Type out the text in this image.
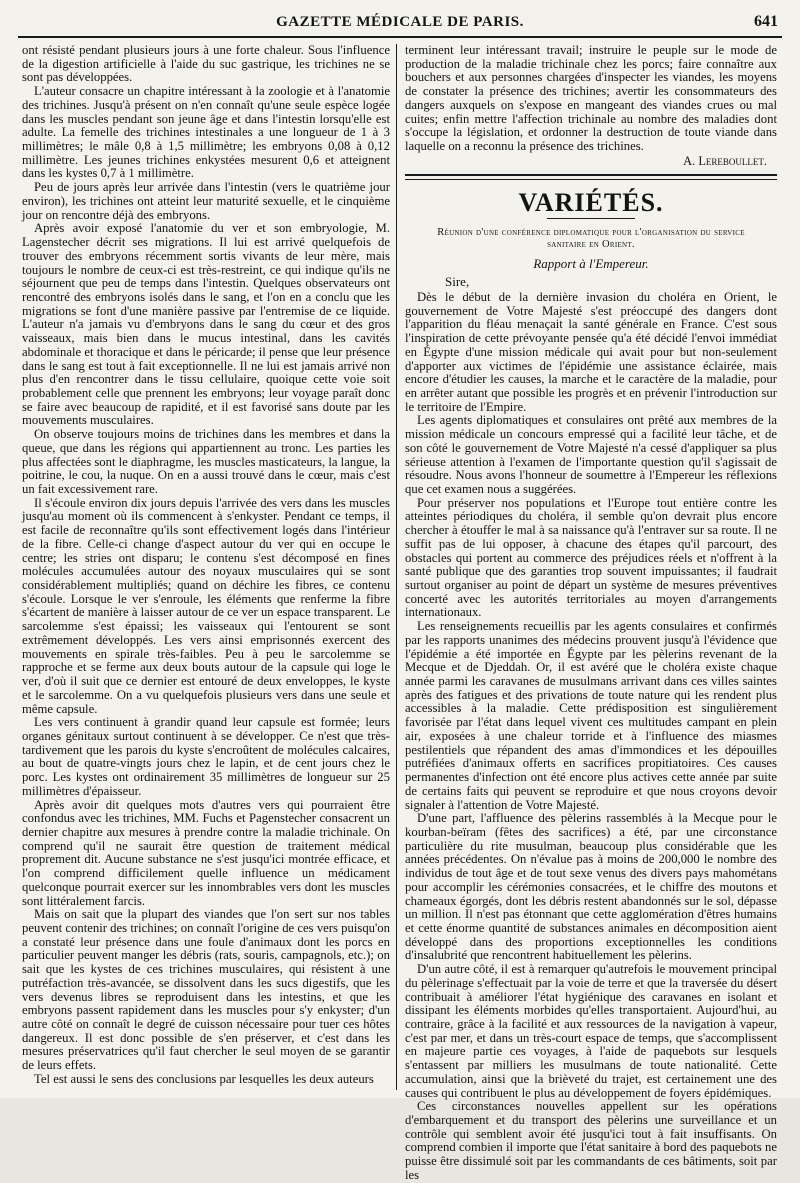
GAZETTE MÉDICALE DE PARIS.	641

ont résisté pendant plusieurs jours à une forte chaleur. Sous l'influence de la digestion artificielle à l'aide du suc gastrique, les trichines ne se sont pas développées.

L'auteur consacre un chapitre intéressant à la zoologie et à l'anatomie des trichines. Jusqu'à présent on n'en connaît qu'une seule espèce logée dans les muscles pendant son jeune âge et dans l'intestin lorsqu'elle est adulte. La femelle des trichines intestinales a une longueur de 1 à 3 millimètres; le mâle 0,8 à 1,5 millimètre; les embryons 0,08 à 0,12 millimètre. Les jeunes trichines enkystées mesurent 0,6 et atteignent dans les kystes 0,7 à 1 millimètre.

Peu de jours après leur arrivée dans l'intestin (vers le quatrième jour environ), les trichines ont atteint leur maturité sexuelle, et le cinquième jour on rencontre déjà des embryons.

Après avoir exposé l'anatomie du ver et son embryologie, M. Lagenstecher décrit ses migrations. Il lui est arrivé quelquefois de trouver des embryons récemment sortis vivants de leur mère, mais toujours le nombre de ceux-ci est très-restreint, ce qui indique qu'ils ne séjournent que peu de temps dans l'intestin. Quelques observateurs ont rencontré des embryons isolés dans le sang, et l'on en a conclu que les migrations se font d'une manière passive par l'entremise de ce liquide. L'auteur n'a jamais vu d'embryons dans le sang du cœur et des gros vaisseaux, mais bien dans le mucus intestinal, dans les cavités abdominale et thoracique et dans le péricarde; il pense que leur présence dans le sang est tout à fait exceptionnelle. Il ne lui est jamais arrivé non plus d'en rencontrer dans le tissu cellulaire, quoique cette voie soit probablement celle que prennent les embryons; leur voyage paraît donc se faire avec beaucoup de rapidité, et il est favorisé sans doute par les mouvements musculaires.

On observe toujours moins de trichines dans les membres et dans la queue, que dans les régions qui appartiennent au tronc. Les parties les plus affectées sont le diaphragme, les muscles masticateurs, la langue, la poitrine, le cou, la nuque. On en a aussi trouvé dans le cœur, mais c'est un fait excessivement rare.

Il s'écoule environ dix jours depuis l'arrivée des vers dans les muscles jusqu'au moment où ils commencent à s'enkyster. Pendant ce temps, il est facile de reconnaître qu'ils sont effectivement logés dans l'intérieur de la fibre. Celle-ci change d'aspect autour du ver qui en occupe le centre; les stries ont disparu; le contenu s'est décomposé en fines molécules accumulées autour des noyaux musculaires qui se sont considérablement multipliés; quand on déchire les fibres, ce contenu s'écoule. Lorsque le ver s'enroule, les éléments que renferme la fibre s'écartent de manière à laisser autour de ce ver un espace transparent. Le sarcolemme s'est épaissi; les vaisseaux qui l'entourent se sont extrêmement développés. Les vers ainsi emprisonnés exercent des mouvements en spirale très-faibles. Peu à peu le sarcolemme se rapproche et se ferme aux deux bouts autour de la capsule qui loge le ver, d'où il suit que ce dernier est entouré de deux enveloppes, le kyste et le sarcolemme. On a vu quelquefois plusieurs vers dans une seule et même capsule.

Les vers continuent à grandir quand leur capsule est formée; leurs organes génitaux surtout continuent à se développer. Ce n'est que très-tardivement que les parois du kyste s'encroûtent de molécules calcaires, au bout de quatre-vingts jours chez le lapin, et de cent jours chez le porc. Les kystes ont ordinairement 35 millimètres de longueur sur 25 millimètres d'épaisseur.

Après avoir dit quelques mots d'autres vers qui pourraient être confondus avec les trichines, MM. Fuchs et Pagenstecher consacrent un dernier chapitre aux mesures à prendre contre la maladie trichinale. On comprend qu'il ne saurait être question de traitement médical proprement dit. Aucune substance ne s'est jusqu'ici montrée efficace, et l'on comprend difficilement quelle influence un médicament quelconque pourrait exercer sur les innombrables vers dont les muscles sont littéralement farcis.

Mais on sait que la plupart des viandes que l'on sert sur nos tables peuvent contenir des trichines; on connaît l'origine de ces vers puisqu'on a constaté leur présence dans une foule d'animaux dont les porcs en particulier peuvent manger les débris (rats, souris, campagnols, etc.); on sait que les kystes de ces trichines musculaires, qui résistent à une putréfaction très-avancée, se dissolvent dans les sucs digestifs, que les vers devenus libres se reproduisent dans les intestins, et que les embryons passent rapidement dans les muscles pour s'y enkyster; d'un autre côté on connaît le degré de cuisson nécessaire pour tuer ces hôtes dangereux. Il est donc possible de s'en préserver, et c'est dans les mesures préservatrices qu'il faut chercher le seul moyen de se garantir de leurs effets.

Tel est aussi le sens des conclusions par lesquelles les deux auteurs

terminent leur intéressant travail; instruire le peuple sur le mode de production de la maladie trichinale chez les porcs; faire connaître aux bouchers et aux personnes chargées d'inspecter les viandes, les moyens de constater la présence des trichines; avertir les consommateurs des dangers auxquels on s'expose en mangeant des viandes crues ou mal cuites; enfin mettre l'affection trichinale au nombre des maladies dont s'occupe la législation, et ordonner la destruction de toute viande dans laquelle on a reconnu la présence des trichines.

A. Lereboullet.
VARIÉTÉS.
Réunion d'une conférence diplomatique pour l'organisation du service sanitaire en Orient.
Rapport à l'Empereur.
Sire,

Dès le début de la dernière invasion du choléra en Orient, le gouvernement de Votre Majesté s'est préoccupé des dangers dont l'apparition du fléau menaçait la santé générale en France. C'est sous l'inspiration de cette prévoyante pensée qu'a été décidé l'envoi immédiat en Égypte d'une mission médicale qui avait pour but non-seulement d'apporter aux victimes de l'épidémie une assistance éclairée, mais encore d'étudier les causes, la marche et le caractère de la maladie, pour en arrêter autant que possible les progrès et en prévenir l'introduction sur le territoire de l'Empire.

Les agents diplomatiques et consulaires ont prêté aux membres de la mission médicale un concours empressé qui a facilité leur tâche, et de son côté le gouvernement de Votre Majesté n'a cessé d'appliquer sa plus sérieuse attention à l'examen de l'importante question qu'il s'agissait de résoudre. Nous avons l'honneur de soumettre à l'Empereur les réflexions que cet examen nous a suggérées.

Pour préserver nos populations et l'Europe tout entière contre les atteintes périodiques du choléra, il semble qu'on devrait plus encore chercher à étouffer le mal à sa naissance qu'à l'entraver sur sa route. Il ne suffit pas de lui opposer, à chacune des étapes qu'il parcourt, des obstacles qui portent au commerce des préjudices réels et n'offrent à la santé publique que des garanties trop souvent impuissantes; il faudrait surtout organiser au point de départ un système de mesures préventives concerté avec les autorités territoriales au moyen d'arrangements internationaux.

Les renseignements recueillis par les agents consulaires et confirmés par les rapports unanimes des médecins prouvent jusqu'à l'évidence que l'épidémie a été importée en Égypte par les pèlerins revenant de la Mecque et de Djeddah. Or, il est avéré que le choléra existe chaque année parmi les caravanes de musulmans arrivant dans ces villes saintes après des fatigues et des privations de toute nature qui les rendent plus accessibles à la maladie. Cette prédisposition est singulièrement favorisée par l'état dans lequel vivent ces multitudes campant en plein air, exposées à une chaleur torride et à l'influence des miasmes pestilentiels que répandent des amas d'immondices et les dépouilles putréfiées d'animaux offerts en sacrifices propitiatoires. Ces causes permanentes d'infection ont été encore plus actives cette année par suite de certains faits qui peuvent se reproduire et que nous croyons devoir signaler à l'attention de Votre Majesté.

D'une part, l'affluence des pèlerins rassemblés à la Mecque pour le kourban-beïram (fêtes des sacrifices) a été, par une circonstance particulière du rite musulman, beaucoup plus considérable que les années précédentes. On n'évalue pas à moins de 200,000 le nombre des individus de tout âge et de tout sexe venus des divers pays mahométans pour accomplir les cérémonies consacrées, et le chiffre des moutons et chameaux égorgés, dont les débris restent abandonnés sur le sol, dépasse un million. Il n'est pas étonnant que cette agglomération d'êtres humains et cette énorme quantité de substances animales en décomposition aient développé dans des proportions exceptionnelles les conditions d'insalubrité que rencontrent habituellement les pèlerins.

D'un autre côté, il est à remarquer qu'autrefois le mouvement principal du pèlerinage s'effectuait par la voie de terre et que la traversée du désert contribuait à améliorer l'état hygiénique des caravanes en isolant et dissipant les éléments morbides qu'elles transportaient. Aujourd'hui, au contraire, grâce à la facilité et aux ressources de la navigation à vapeur, c'est par mer, et dans un très-court espace de temps, que s'accomplissent en majeure partie ces voyages, à l'aide de paquebots sur lesquels s'entassent par milliers les musulmans de toute nationalité. Cette accumulation, ainsi que la brièveté du trajet, est certainement une des causes qui contribuent le plus au développement de foyers épidémiques.

Ces circonstances nouvelles appellent sur les opérations d'embarquement et du transport des pèlerins une surveillance et un contrôle qui semblent avoir été jusqu'ici tout à fait insuffisants. On comprend combien il importe que l'état sanitaire à bord des paquebots ne puisse être dissimulé soit par les commandants de ces bâtiments, soit par les
